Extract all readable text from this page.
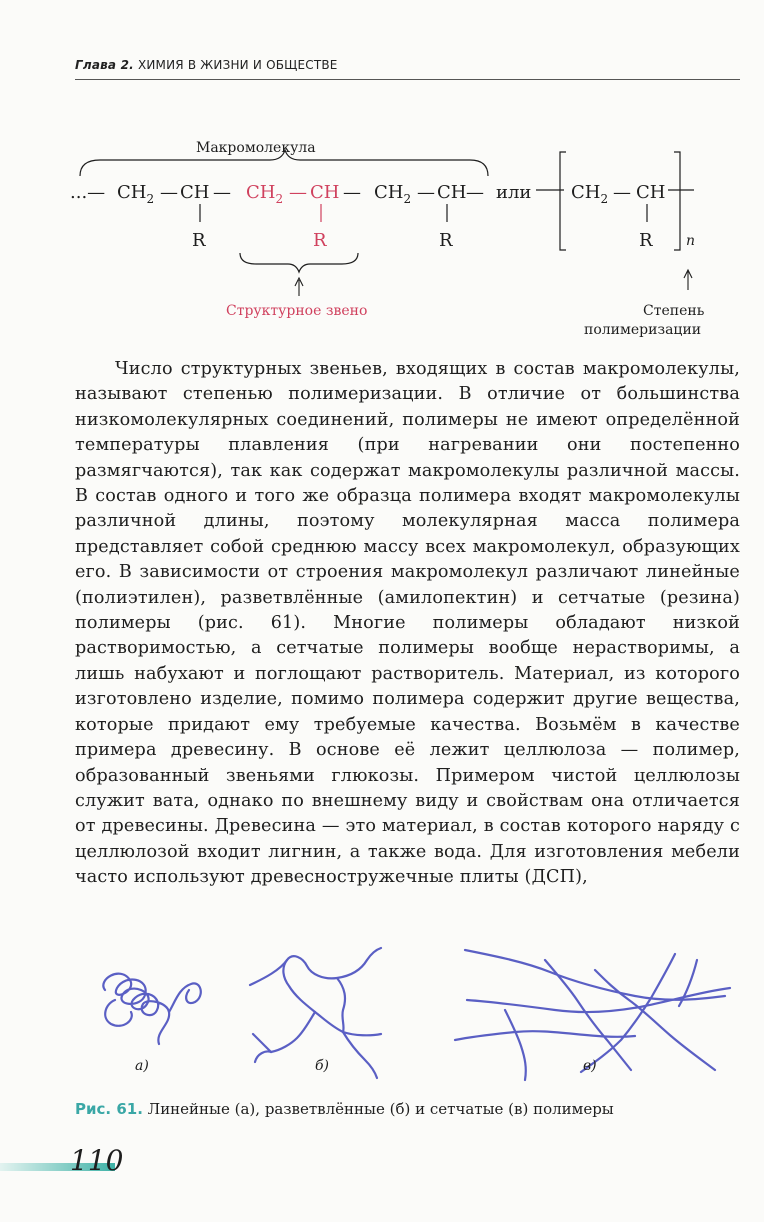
Глава 2. ХИМИЯ В ЖИЗНИ И ОБЩЕСТВЕ
Макромолекула
...— $CH_2$ — CH
R
— $CH_2$ — CH
R
— $CH_2$ — CH
R
— или $CH_2$ — CH
R n
Структурное звено	Степень
полимеризации

Число структурных звеньев, входящих в состав макромолекулы, называют степенью полимеризации. В отличие от большинства низкомолекулярных соединений, полимеры не имеют определённой температуры плавления (при нагревании они постепенно размягчаются), так как содержат макромолекулы различной массы. В состав одного и того же образца полимера входят макромолекулы различной длины, поэтому молекулярная масса полимера представляет собой среднюю массу всех макромолекул, образующих его. В зависимости от строения макромолекул различают линейные (полиэтилен), разветвлённые (амилопектин) и сетчатые (резина) полимеры (рис. 61). Многие полимеры обладают низкой растворимостью, а сетчатые полимеры вообще нерастворимы, а лишь набухают и поглощают растворитель. Материал, из которого изготовлено изделие, помимо полимера содержит другие вещества, которые придают ему требуемые качества. Возьмём в качестве примера древесину. В основе её лежит целлюлоза — полимер, образованный звеньями глюкозы. Примером чистой целлюлозы служит вата, однако по внешнему виду и свойствам она отличается от древесины. Древесина — это материал, в состав которого наряду с целлюлозой входит лигнин, а также вода. Для изготовления мебели часто используют древесностружечные плиты (ДСП),

а)	б)	в)
Рис. 61. Линейные (а), разветвлённые (б) и сетчатые (в) полимеры
110
